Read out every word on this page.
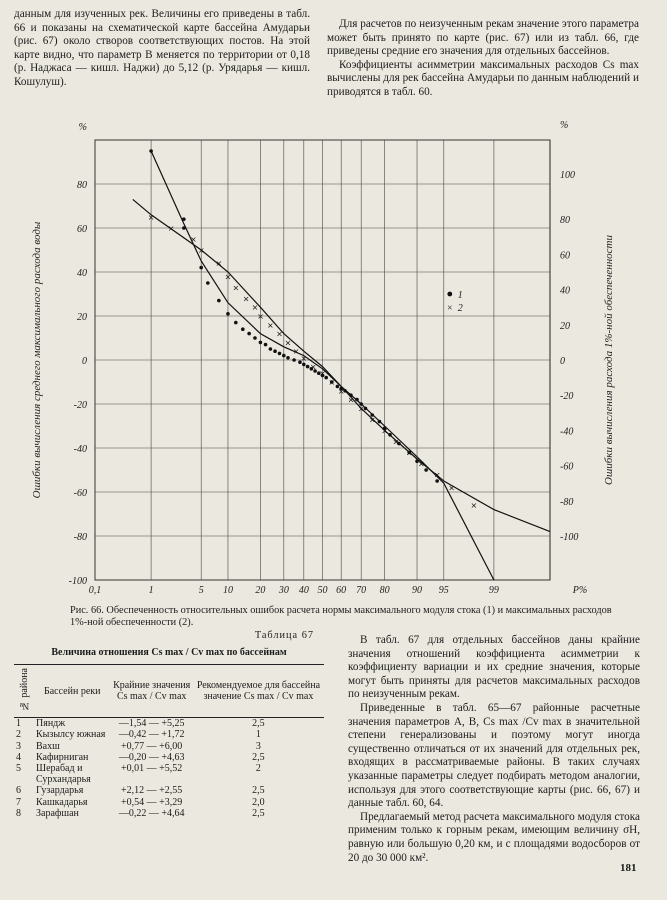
данным для изученных рек. Величины его приведены в табл. 66 и показаны на схематической карте бассейна Амударьи (рис. 67) около створов соответствующих постов. На этой карте видно, что параметр B меняется по территории от 0,18 (р. Наджаса — кишл. Наджи) до 5,12 (р. Урядарья — кишл. Кошулуш).

Для расчетов по неизученным рекам значение этого параметра может быть принято по карте (рис. 67) или из табл. 66, где приведены средние его значения для отдельных бассейнов.

Коэффициенты асимметрии максимальных расходов Cs max вычислены для рек бассейна Амударьи по данным наблюдений и приводятся в табл. 60.

×
×
×
×
×
×
×
×
×
×
×
×
×
×
×
×
×
×
×
×
×
×
×
×
×
×
×
×
×
0,1	1	5 10 20 30 40 50 60 70 80 90 95	99	P%
%
80
60
40
20
0
-20
-40
-60
-80
-100
%
100
80
60
40
20
0
-20
-40
-60
-80
-100
Ошибки вычисления среднего максимального расхода воды	Ошибки вычисления расхода 1%-ной обеспеченности
1
× 2
Рис. 66. Обеспеченность относительных ошибок расчета нормы максимального модуля стока (1) и максимальных расходов 1%-ной обеспеченности (2).
Таблица 67
Величина отношения Cs max / Cv max по бассейнам
№ района	Бассейн реки	Крайние значения Cs max / Cv max	Рекомендуемое для бассейна значение Cs max / Cv max
1	Пяндж	—1,54 — +5,25	2,5
2	Кызылсу южная	—0,42 — +1,72	1
3	Вахш	+0,77 — +6,00	3
4	Кафирниган	—0,20 — +4,63	2,5
5	Шерабад и Сурхандарья	+0,01 — +5,52	2
6	Гузардарья	+2,12 — +2,55	2,5
7	Кашкадарья	+0,54 — +3,29	2,0
8	Зарафшан	—0,22 — +4,64	2,5

В табл. 67 для отдельных бассейнов даны крайние значения отношений коэффициента асимметрии к коэффициенту вариации и их средние значения, которые могут быть приняты для расчетов максимальных расходов по неизученным рекам.

Приведенные в табл. 65—67 районные расчетные значения параметров A, B, Cs max /Cv max в значительной степени генерализованы и поэтому могут иногда существенно отличаться от их значений для отдельных рек, входящих в рассматриваемые районы. В таких случаях указанные параметры следует подбирать методом аналогии, используя для этого соответствующие карты (рис. 66, 67) и данные табл. 60, 64.

Предлагаемый метод расчета максимального модуля стока применим только к горным рекам, имеющим величину σH, равную или большую 0,20 км, и с площадями водосборов от 20 до 30 000 км².

181
